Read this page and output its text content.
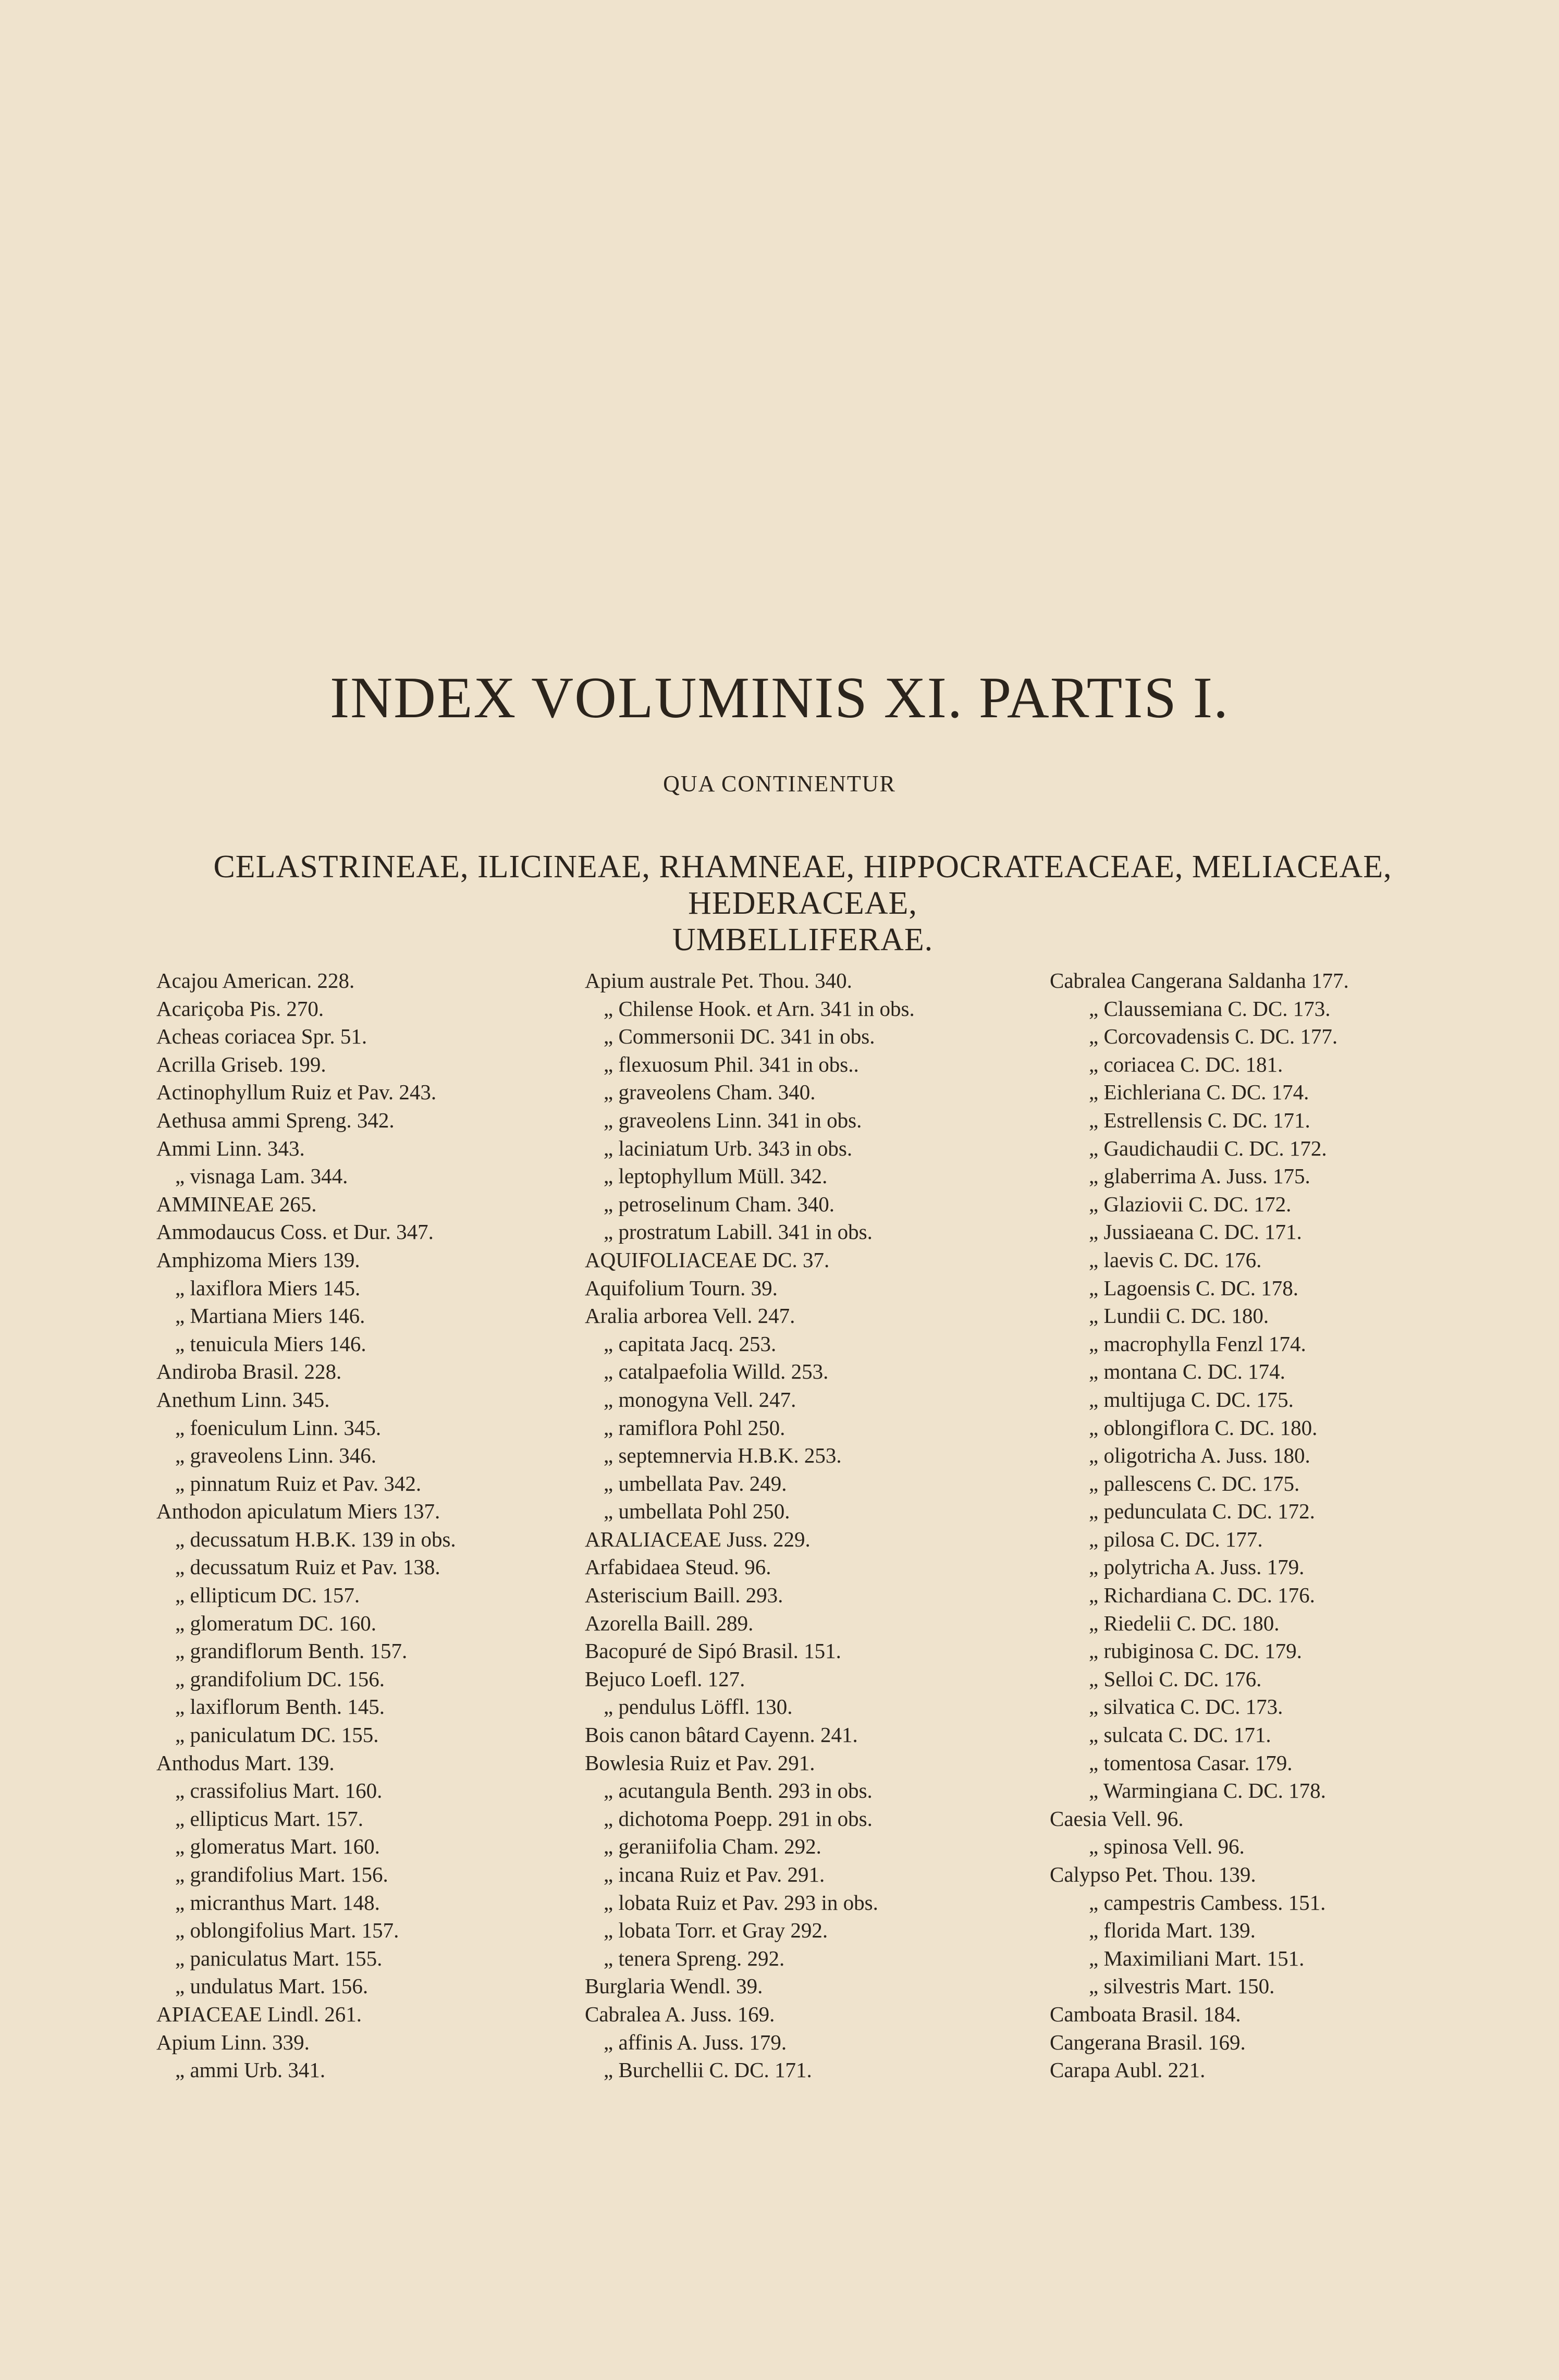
INDEX VOLUMINIS XI. PARTIS I.
QUA CONTINENTUR
CELASTRINEAE, ILICINEAE, RHAMNEAE, HIPPOCRATEACEAE, MELIACEAE, HEDERACEAE,
UMBELLIFERAE.
Acajou American. 228.
Acariçoba Pis. 270.
Acheas coriacea Spr. 51.
Acrilla Griseb. 199.
Actinophyllum Ruiz et Pav. 243.
Aethusa ammi Spreng. 342.
Ammi Linn. 343.
„ visnaga Lam. 344.
AMMINEAE 265.
Ammodaucus Coss. et Dur. 347.
Amphizoma Miers 139.
„ laxiflora Miers 145.
„ Martiana Miers 146.
„ tenuicula Miers 146.
Andiroba Brasil. 228.
Anethum Linn. 345.
„ foeniculum Linn. 345.
„ graveolens Linn. 346.
„ pinnatum Ruiz et Pav. 342.
Anthodon apiculatum Miers 137.
„ decussatum H.B.K. 139 in obs.
„ decussatum Ruiz et Pav. 138.
„ ellipticum DC. 157.
„ glomeratum DC. 160.
„ grandiflorum Benth. 157.
„ grandifolium DC. 156.
„ laxiflorum Benth. 145.
„ paniculatum DC. 155.
Anthodus Mart. 139.
„ crassifolius Mart. 160.
„ ellipticus Mart. 157.
„ glomeratus Mart. 160.
„ grandifolius Mart. 156.
„ micranthus Mart. 148.
„ oblongifolius Mart. 157.
„ paniculatus Mart. 155.
„ undulatus Mart. 156.
APIACEAE Lindl. 261.
Apium Linn. 339.
„ ammi Urb. 341.
Apium australe Pet. Thou. 340.
„ Chilense Hook. et Arn. 341 in obs.
„ Commersonii DC. 341 in obs.
„ flexuosum Phil. 341 in obs..
„ graveolens Cham. 340.
„ graveolens Linn. 341 in obs.
„ laciniatum Urb. 343 in obs.
„ leptophyllum Müll. 342.
„ petroselinum Cham. 340.
„ prostratum Labill. 341 in obs.
AQUIFOLIACEAE DC. 37.
Aquifolium Tourn. 39.
Aralia arborea Vell. 247.
„ capitata Jacq. 253.
„ catalpaefolia Willd. 253.
„ monogyna Vell. 247.
„ ramiflora Pohl 250.
„ septemnervia H.B.K. 253.
„ umbellata Pav. 249.
„ umbellata Pohl 250.
ARALIACEAE Juss. 229.
Arfabidaea Steud. 96.
Asteriscium Baill. 293.
Azorella Baill. 289.
Bacopuré de Sipó Brasil. 151.
Bejuco Loefl. 127.
„ pendulus Löffl. 130.
Bois canon bâtard Cayenn. 241.
Bowlesia Ruiz et Pav. 291.
„ acutangula Benth. 293 in obs.
„ dichotoma Poepp. 291 in obs.
„ geraniifolia Cham. 292.
„ incana Ruiz et Pav. 291.
„ lobata Ruiz et Pav. 293 in obs.
„ lobata Torr. et Gray 292.
„ tenera Spreng. 292.
Burglaria Wendl. 39.
Cabralea A. Juss. 169.
„ affinis A. Juss. 179.
„ Burchellii C. DC. 171.
Cabralea Cangerana Saldanha 177.
„ Claussemiana C. DC. 173.
„ Corcovadensis C. DC. 177.
„ coriacea C. DC. 181.
„ Eichleriana C. DC. 174.
„ Estrellensis C. DC. 171.
„ Gaudichaudii C. DC. 172.
„ glaberrima A. Juss. 175.
„ Glaziovii C. DC. 172.
„ Jussiaeana C. DC. 171.
„ laevis C. DC. 176.
„ Lagoensis C. DC. 178.
„ Lundii C. DC. 180.
„ macrophylla Fenzl 174.
„ montana C. DC. 174.
„ multijuga C. DC. 175.
„ oblongiflora C. DC. 180.
„ oligotricha A. Juss. 180.
„ pallescens C. DC. 175.
„ pedunculata C. DC. 172.
„ pilosa C. DC. 177.
„ polytricha A. Juss. 179.
„ Richardiana C. DC. 176.
„ Riedelii C. DC. 180.
„ rubiginosa C. DC. 179.
„ Selloi C. DC. 176.
„ silvatica C. DC. 173.
„ sulcata C. DC. 171.
„ tomentosa Casar. 179.
„ Warmingiana C. DC. 178.
Caesia Vell. 96.
„ spinosa Vell. 96.
Calypso Pet. Thou. 139.
„ campestris Cambess. 151.
„ florida Mart. 139.
„ Maximiliani Mart. 151.
„ silvestris Mart. 150.
Camboata Brasil. 184.
Cangerana Brasil. 169.
Carapa Aubl. 221.
